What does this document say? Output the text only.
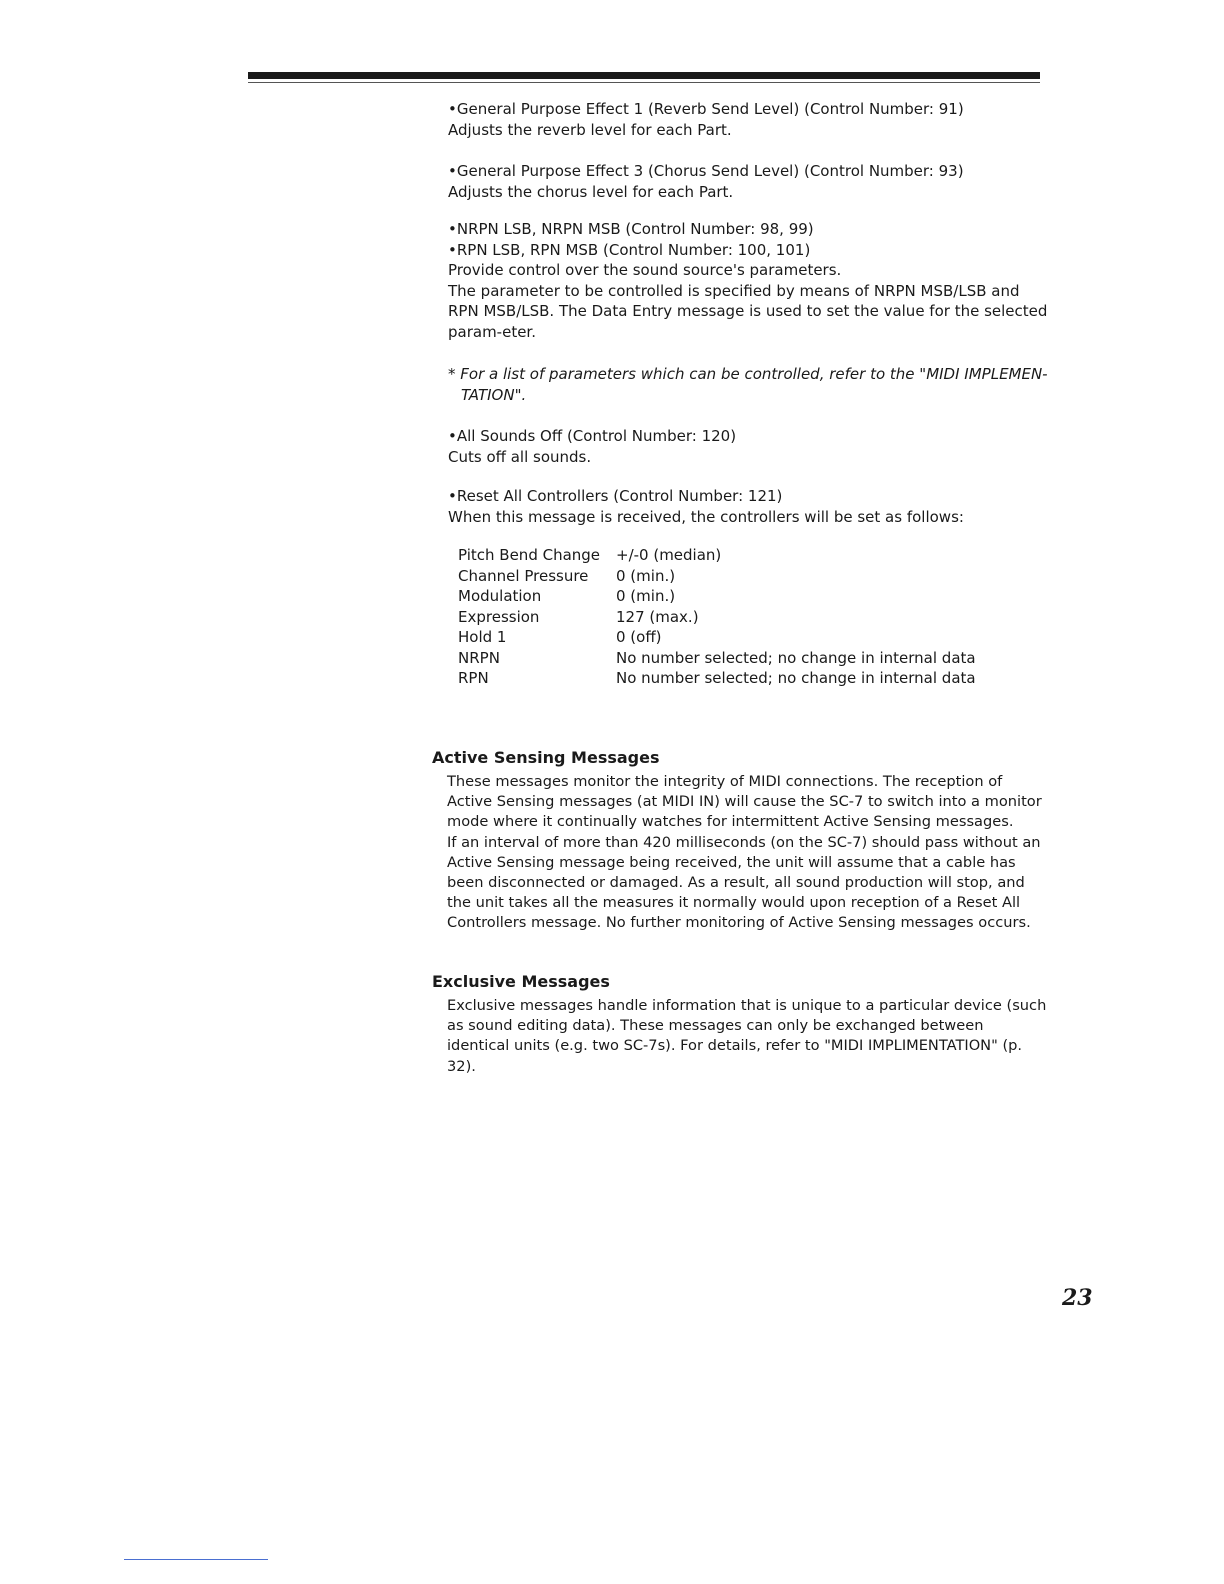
•General Purpose Effect 1 (Reverb Send Level) (Control Number: 91)

Adjusts the reverb level for each Part.

•General Purpose Effect 3 (Chorus Send Level) (Control Number: 93)

Adjusts the chorus level for each Part.

•NRPN LSB, NRPN MSB (Control Number: 98, 99)

•RPN LSB, RPN MSB (Control Number: 100, 101)

Provide control over the sound source's parameters.

The parameter to be controlled is specified by means of NRPN MSB/LSB and RPN MSB/LSB. The Data Entry message is used to set the value for the selected param-eter.

* For a list of parameters which can be controlled, refer to the "MIDI IMPLEMEN-

TATION".

•All Sounds Off (Control Number: 120)

Cuts off all sounds.

•Reset All Controllers (Control Number: 121)

When this message is received, the controllers will be set as follows:

Pitch Bend Change	+/-0 (median)
Channel Pressure	0 (min.)
Modulation	0 (min.)
Expression	127 (max.)
Hold 1	0 (off)
NRPN	No number selected; no change in internal data
RPN	No number selected; no change in internal data
Active Sensing Messages

These messages monitor the integrity of MIDI connections. The reception of Active Sensing messages (at MIDI IN) will cause the SC-7 to switch into a monitor mode where it continually watches for intermittent Active Sensing messages.

If an interval of more than 420 milliseconds (on the SC-7) should pass without an Active Sensing message being received, the unit will assume that a cable has been disconnected or damaged. As a result, all sound production will stop, and the unit takes all the measures it normally would upon reception of a Reset All Controllers message. No further monitoring of Active Sensing messages occurs.

Exclusive Messages

Exclusive messages handle information that is unique to a particular device (such as sound editing data). These messages can only be exchanged between identical units (e.g. two SC-7s). For details, refer to "MIDI IMPLIMENTATION" (p. 32).

23
